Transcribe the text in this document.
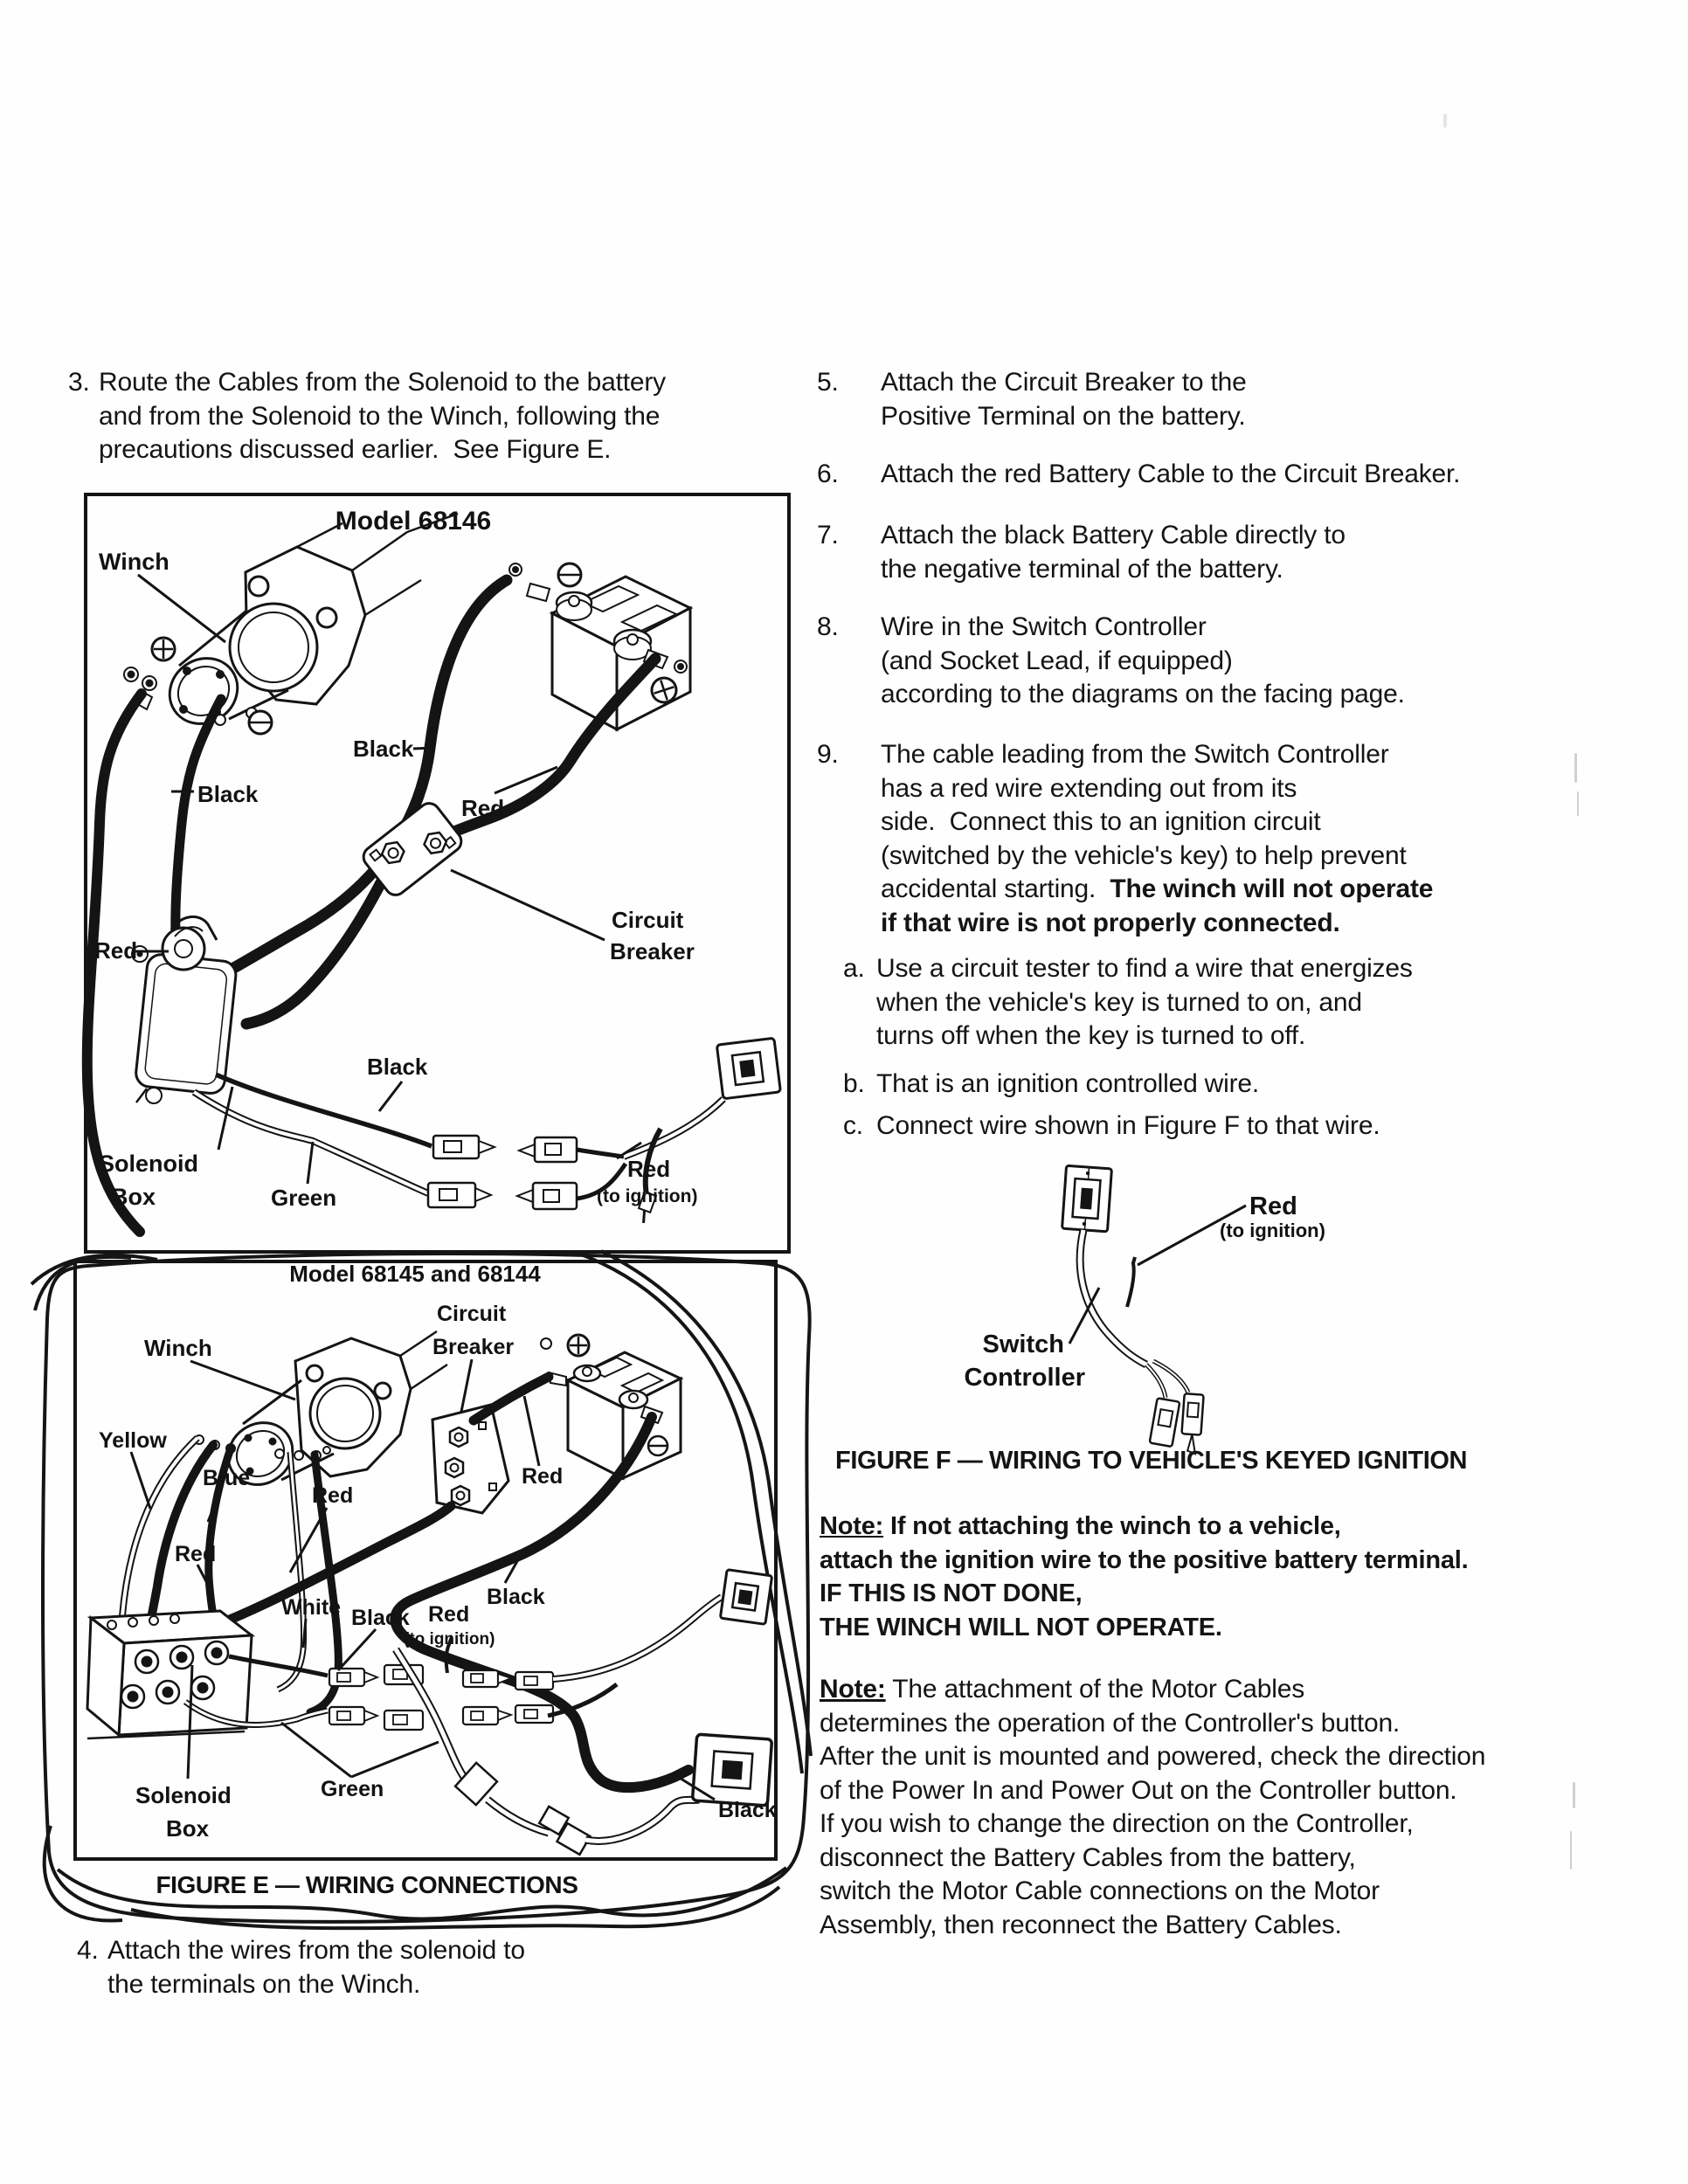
3. Route the Cables from the Solenoid to the battery
and from the Solenoid to the Winch, following the
precautions discussed earlier.  See Figure E.
4. Attach the wires from the solenoid to
the terminals on the Winch.
5. Attach the Circuit Breaker to the
Positive Terminal on the battery.
6. Attach the red Battery Cable to the Circuit Breaker.
7. Attach the black Battery Cable directly to
the negative terminal of the battery.
8. Wire in the Switch Controller
(and Socket Lead, if equipped)
according to the diagrams on the facing page.
9. The cable leading from the Switch Controller
has a red wire extending out from its
side.  Connect this to an ignition circuit
(switched by the vehicle's key) to help prevent
accidental starting.  The winch will not operate
if that wire is not properly connected.
a. Use a circuit tester to find a wire that energizes
when the vehicle's key is turned to on, and
turns off when the key is turned to off.
b. That is an ignition controlled wire.
c. Connect wire shown in Figure F to that wire.
Red
(to ignition)
Switch
Controller
FIGURE F — WIRING TO VEHICLE'S KEYED IGNITION
Note: If not attaching the winch to a vehicle,
attach the ignition wire to the positive battery terminal.
IF THIS IS NOT DONE,
THE WINCH WILL NOT OPERATE.
Note: The attachment of the Motor Cables
determines the operation of the Controller's button.
After the unit is mounted and powered, check the direction
of the Power In and Power Out on the Controller button.
If you wish to change the direction on the Controller,
disconnect the Battery Cables from the battery,
switch the Motor Cable connections on the Motor
Assembly, then reconnect the Battery Cables.
Model 68146
Winch
Black
Black
Red
Circuit
Breaker
Red
Solenoid
Box
Black
Green
Red
(to ignition)
Model 68145 and 68144
Winch
Circuit
Breaker
Yellow
Blue
Red
Red
Red
White Black
Black
Red
(to ignition)
Green
Solenoid
Box
Black
FIGURE E — WIRING CONNECTIONS
